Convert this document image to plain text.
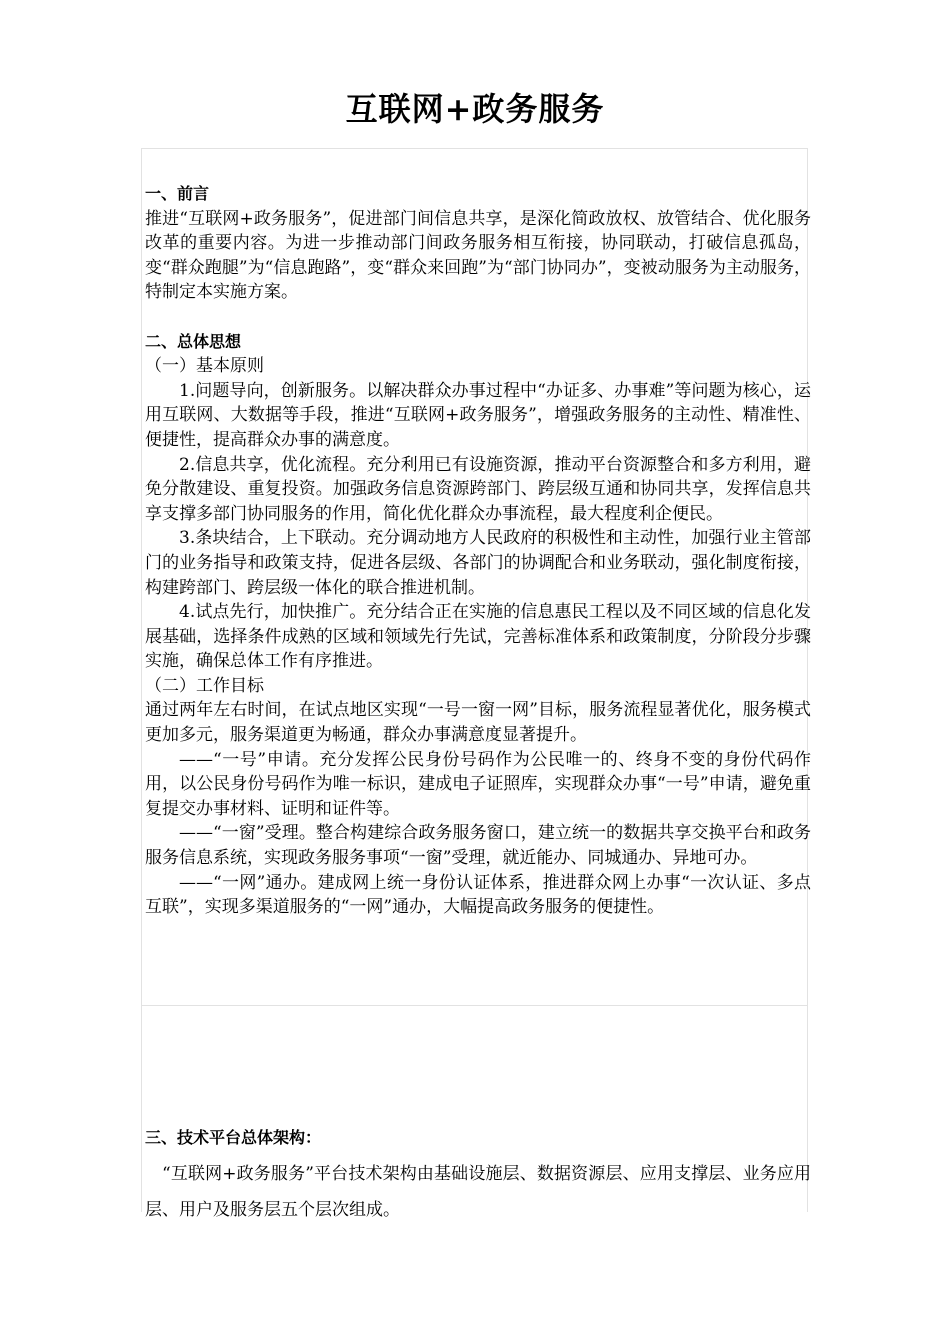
互联网+政务服务
一、前言

推进“互联网+政务服务”，促进部门间信息共享，是深化简政放权、放管结合、优化服务改革的重要内容。为进一步推动部门间政务服务相互衔接，协同联动，打破信息孤岛，变“群众跑腿”为“信息跑路”，变“群众来回跑”为“部门协同办”，变被动服务为主动服务，特制定本实施方案。

二、总体思想
（一）基本原则

1.问题导向，创新服务。以解决群众办事过程中“办证多、办事难”等问题为核心，运用互联网、大数据等手段，推进“互联网+政务服务”，增强政务服务的主动性、精准性、便捷性，提高群众办事的满意度。

2.信息共享，优化流程。充分利用已有设施资源，推动平台资源整合和多方利用，避免分散建设、重复投资。加强政务信息资源跨部门、跨层级互通和协同共享，发挥信息共享支撑多部门协同服务的作用，简化优化群众办事流程，最大程度利企便民。

3.条块结合，上下联动。充分调动地方人民政府的积极性和主动性，加强行业主管部门的业务指导和政策支持，促进各层级、各部门的协调配合和业务联动，强化制度衔接，构建跨部门、跨层级一体化的联合推进机制。

4.试点先行，加快推广。充分结合正在实施的信息惠民工程以及不同区域的信息化发展基础，选择条件成熟的区域和领域先行先试，完善标准体系和政策制度，分阶段分步骤实施，确保总体工作有序推进。

（二）工作目标

通过两年左右时间，在试点地区实现“一号一窗一网”目标，服务流程显著优化，服务模式更加多元，服务渠道更为畅通，群众办事满意度显著提升。

——“一号”申请。充分发挥公民身份号码作为公民唯一的、终身不变的身份代码作用，以公民身份号码作为唯一标识，建成电子证照库，实现群众办事“一号”申请，避免重复提交办事材料、证明和证件等。

——“一窗”受理。整合构建综合政务服务窗口，建立统一的数据共享交换平台和政务服务信息系统，实现政务服务事项“一窗”受理，就近能办、同城通办、异地可办。

——“一网”通办。建成网上统一身份认证体系，推进群众网上办事“一次认证、多点互联”，实现多渠道服务的“一网”通办，大幅提高政务服务的便捷性。

三、技术平台总体架构：

“互联网+政务服务”平台技术架构由基础设施层、数据资源层、应用支撑层、业务应用层、用户及服务层五个层次组成。
